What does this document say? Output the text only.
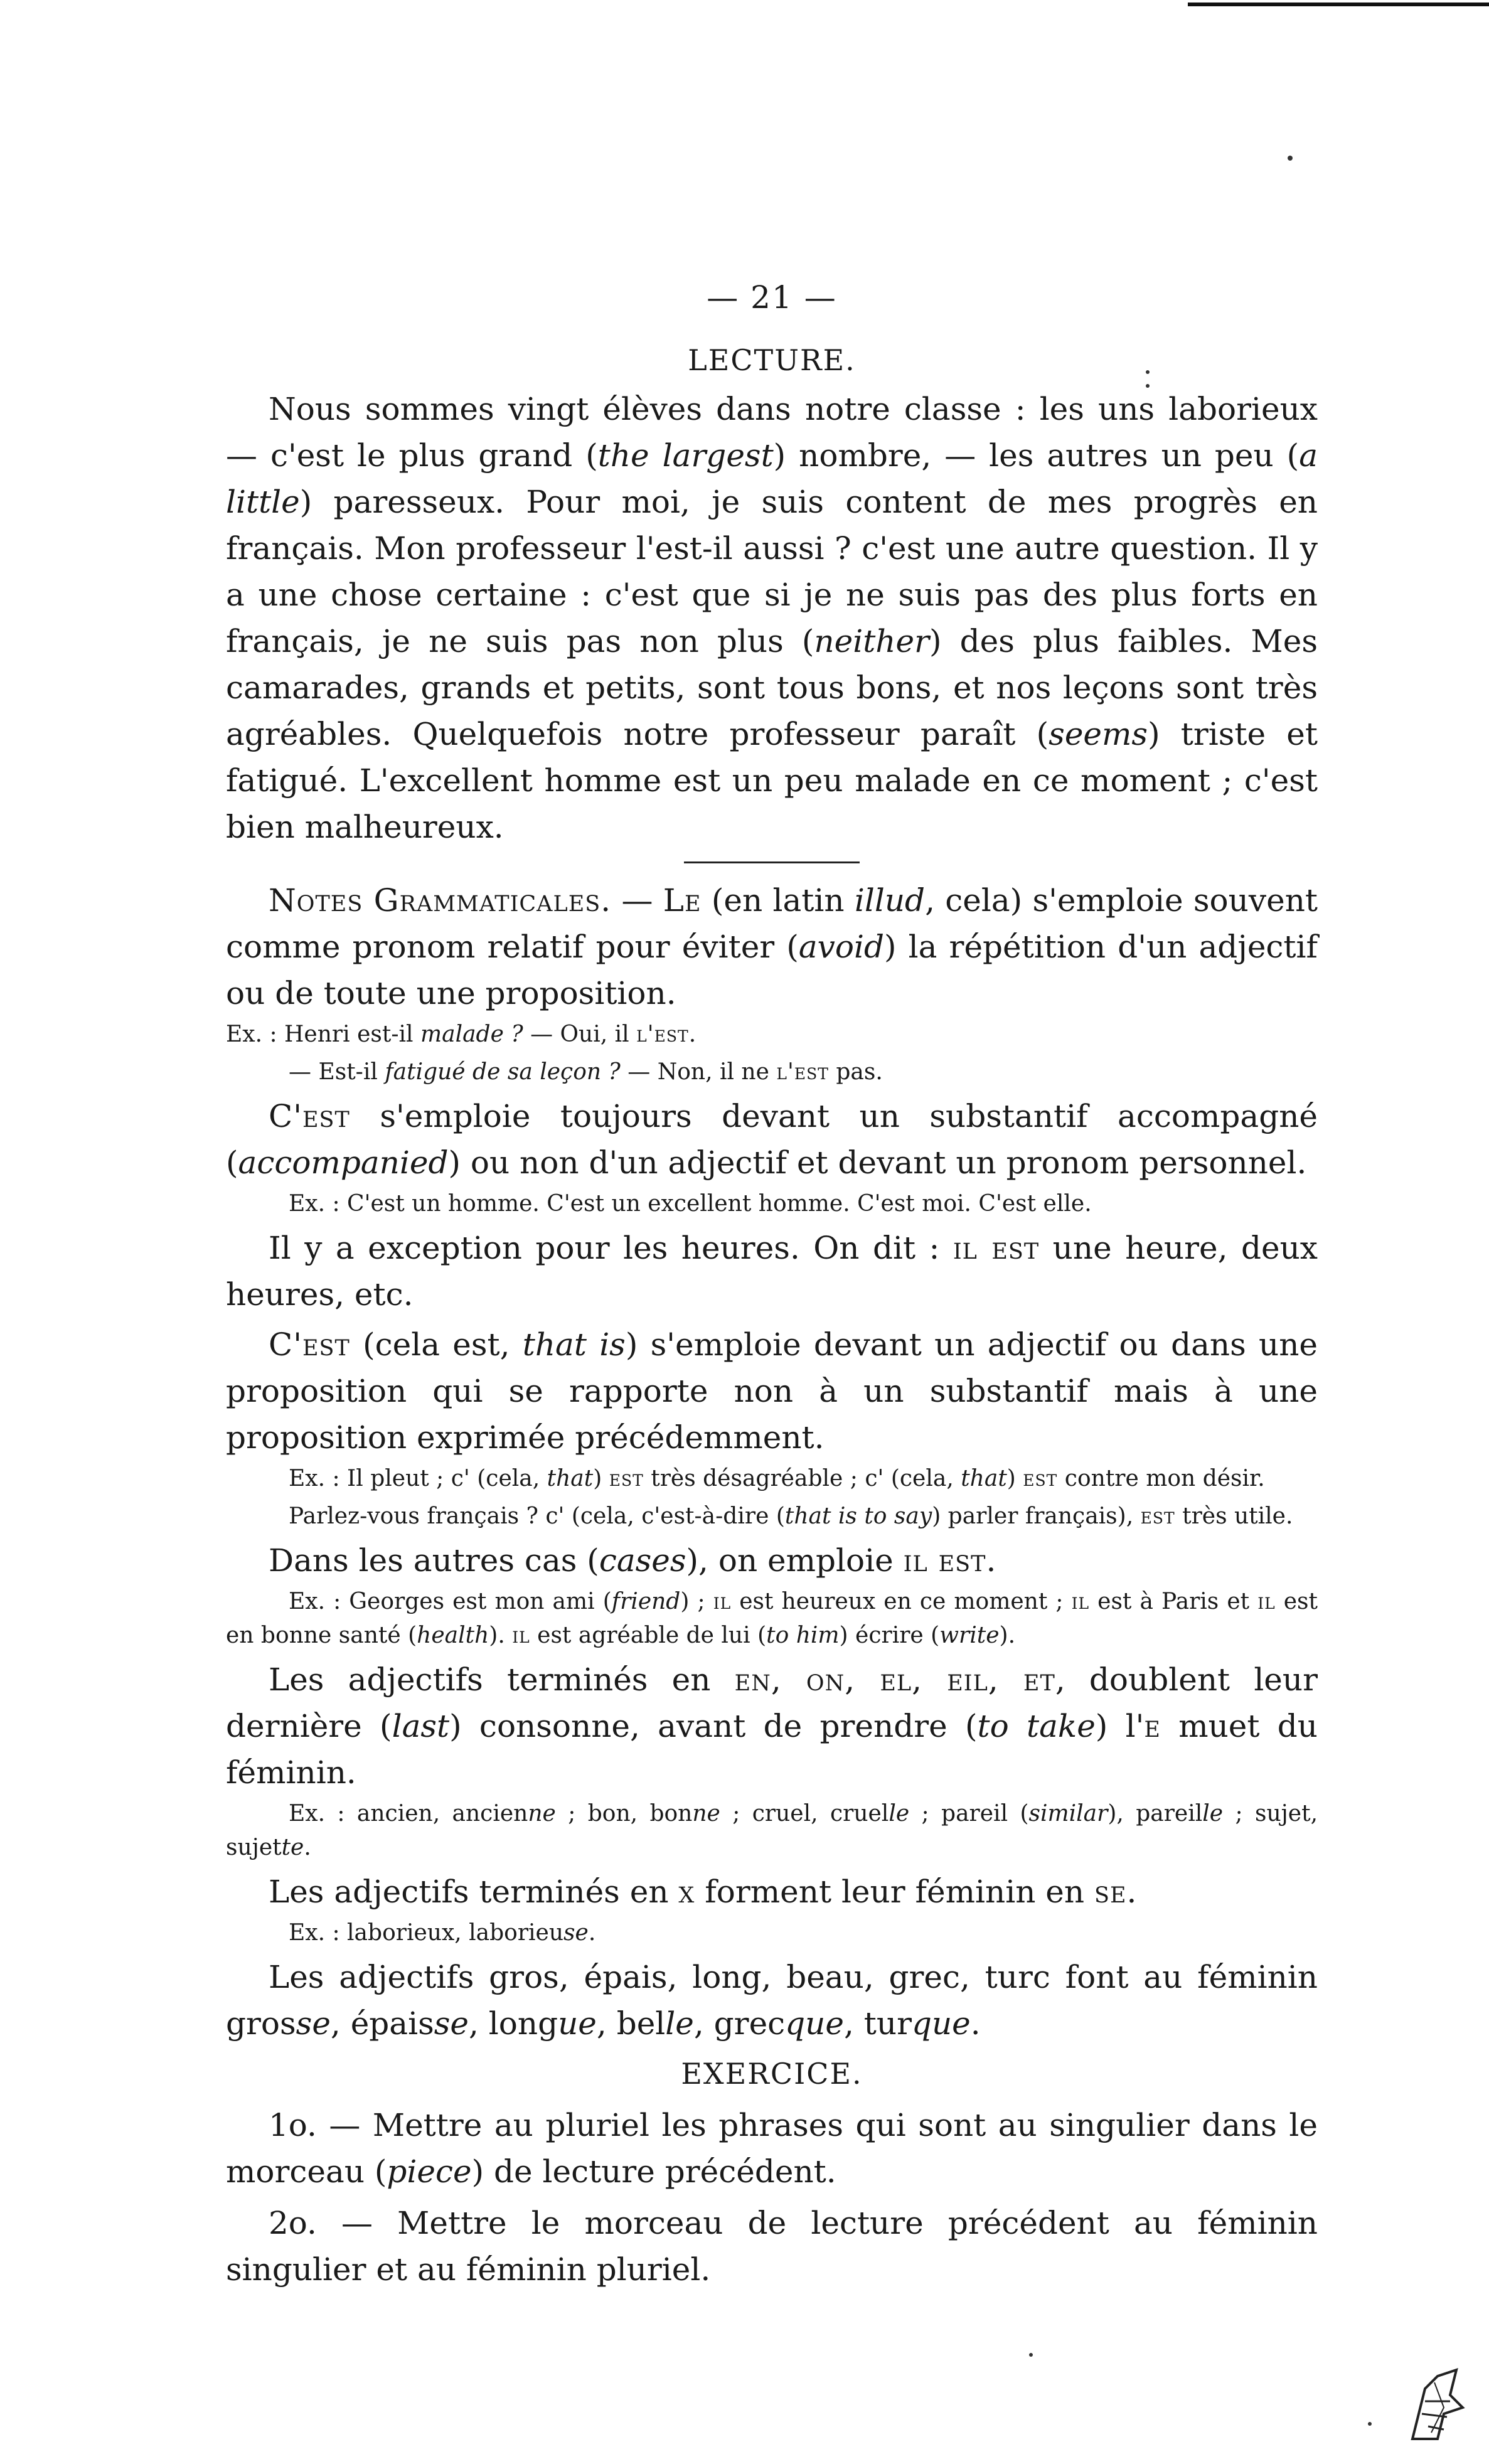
— 21 —
LECTURE.

Nous sommes vingt élèves dans notre classe : les uns laborieux — c'est le plus grand (the largest) nombre, — les autres un peu (a little) paresseux. Pour moi, je suis content de mes progrès en français. Mon professeur l'est-il aussi ? c'est une autre question. Il y a une chose certaine : c'est que si je ne suis pas des plus forts en français, je ne suis pas non plus (neither) des plus faibles. Mes camarades, grands et petits, sont tous bons, et nos leçons sont très agréables. Quelquefois notre professeur paraît (seems) triste et fatigué. L'excellent homme est un peu malade en ce moment ; c'est bien malheureux.

Notes Grammaticales. — Le (en latin illud, cela) s'emploie souvent comme pronom relatif pour éviter (avoid) la répétition d'un adjectif ou de toute une proposition.

Ex. : Henri est-il malade ? — Oui, il l'est.

— Est-il fatigué de sa leçon ? — Non, il ne l'est pas.

C'est s'emploie toujours devant un substantif accompagné (accompanied) ou non d'un adjectif et devant un pronom personnel.

Ex. : C'est un homme. C'est un excellent homme. C'est moi. C'est elle.

Il y a exception pour les heures. On dit : il est une heure, deux heures, etc.

C'est (cela est, that is) s'emploie devant un adjectif ou dans une proposition qui se rapporte non à un substantif mais à une proposition exprimée précédemment.

Ex. : Il pleut ; c' (cela, that) est très désagréable ; c' (cela, that) est contre mon désir.

Parlez-vous français ? c' (cela, c'est-à-dire (that is to say) parler français), est très utile.

Dans les autres cas (cases), on emploie il est.

Ex. : Georges est mon ami (friend) ; il est heureux en ce moment ; il est à Paris et il est en bonne santé (health). il est agréable de lui (to him) écrire (write).

Les adjectifs terminés en en, on, el, eil, et, doublent leur dernière (last) consonne, avant de prendre (to take) l'e muet du féminin.

Ex. : ancien, ancienne ; bon, bonne ; cruel, cruelle ; pareil (similar), pareille ; sujet, sujette.

Les adjectifs terminés en x forment leur féminin en se.

Ex. : laborieux, laborieuse.

Les adjectifs gros, épais, long, beau, grec, turc font au féminin grosse, épaisse, longue, belle, grecque, turque.

EXERCICE.

1o. — Mettre au pluriel les phrases qui sont au singulier dans le morceau (piece) de lecture précédent.

2o. — Mettre le morceau de lecture précédent au féminin singulier et au féminin pluriel.
